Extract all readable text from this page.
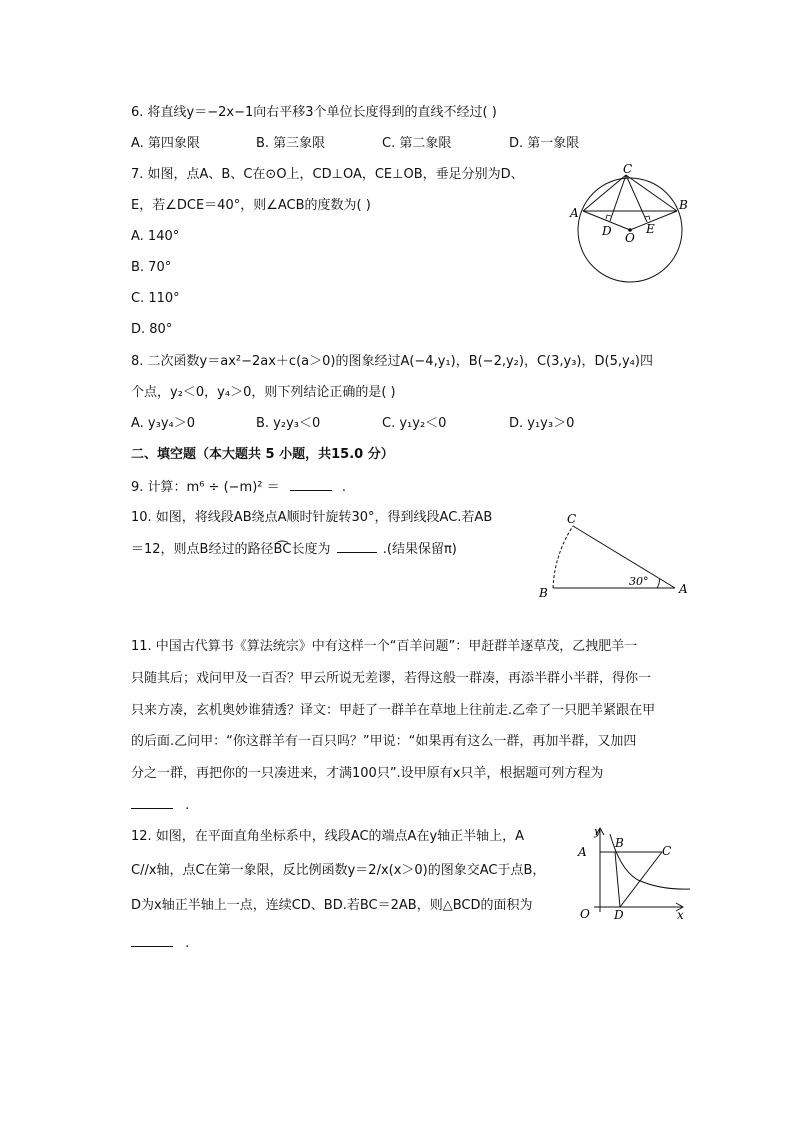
6. 将直线y＝−2x−1向右平移3个单位长度得到的直线不经过( )
A. 第四象限	B. 第三象限	C. 第二象限	D. 第一象限
7. 如图，点A、B、C在⊙O上，CD⊥OA，CE⊥OB，垂足分别为D、
E，若∠DCE＝40°，则∠ACB的度数为( )
A. 140°
B. 70°
C. 110°
D. 80°
C
A
B
D	E
O
8. 二次函数y＝ax²−2ax＋c(a＞0)的图象经过A(−4,y₁)，B(−2,y₂)，C(3,y₃)，D(5,y₄)四
个点，y₂＜0，y₄＞0，则下列结论正确的是( )
A. y₃y₄＞0	B. y₂y₃＜0	C. y₁y₂＜0	D. y₁y₃＞0
二、填空题（本大题共 5 小题，共15.0 分）
9. 计算：m⁶ ÷ (−m)² ＝	.
10. 如图，将线段AB绕点A顺时针旋转30°，得到线段AC.若AB
＝12，则点B经过的路径B͡C长度为	.(结果保留π)
C
B	A
30°
11. 中国古代算书《算法统宗》中有这样一个“百羊问题”：甲赶群羊逐草茂，乙拽肥羊一
只随其后；戏问甲及一百否？甲云所说无差谬，若得这般一群凑，再添半群小半群，得你一
只来方凑，玄机奥妙谁猜透？译文：甲赶了一群羊在草地上往前走.乙牵了一只肥羊紧跟在甲
的后面.乙问甲：“你这群羊有一百只吗？”甲说：“如果再有这么一群，再加半群，又加四
分之一群，再把你的一只凑进来，才满100只”.设甲原有x只羊，根据题可列方程为
.
12. 如图，在平面直角坐标系中，线段AC的端点A在y轴正半轴上，A
C//x轴，点C在第一象限，反比例函数y＝2/x(x＞0)的图象交AC于点B，
D为x轴正半轴上一点，连续CD、BD.若BC＝2AB，则△BCD的面积为
.
y
A
B
C
D
O	x
